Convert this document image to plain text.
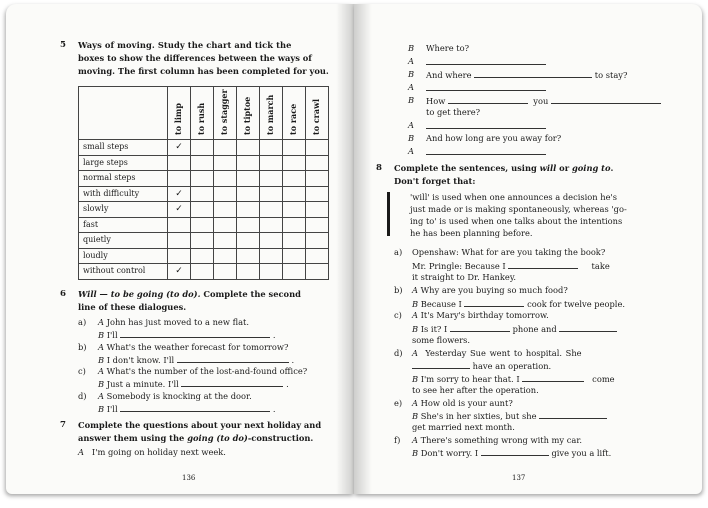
5 Ways of moving. Study the chart and tick the
boxes to show the differences between the ways of
moving. The first column has been completed for you.

	to limp	to rush	to stagger	to tiptoe	to march	to race	to crawl

small steps	✓						
large steps							
normal steps							
with difficulty	✓						
slowly	✓						
fast							
quietly							
loudly							
without control	✓						
6 Will — to be going (to do). Complete the second
line of these dialogues.
a) A John has just moved to a new flat.
B I'll	.
b) A What's the weather forecast for tomorrow?
B I don't know. I'll	.
c) A What's the number of the lost-and-found office?
B Just a minute. I'll	.
d) A Somebody is knocking at the door.
B I'll	.
7 Complete the questions about your next holiday and
answer them using the going (to do)-construction.
A I'm going on holiday next week.
136
B Where to?
A
B And where	to stay?
A
B How	you
to get there?
A
B And how long are you away for?
A
8 Complete the sentences, using will or going to.
Don't forget that:
'will' is used when one announces a decision he's
just made or is making spontaneously, whereas 'go-
ing to' is used when one talks about the intentions
he has been planning before.
a) Openshaw: What for are you taking the book?
Mr. Pringle: Because I	take
it straight to Dr. Hankey.
b) A Why are you buying so much food?
B Because I	cook for twelve people.
c) A It's Mary's birthday tomorrow.
B Is it? I	phone and
some flowers.
d) A Yesterday Sue went to hospital. She
have an operation.
B I'm sorry to hear that. I	come
to see her after the operation.
e) A How old is your aunt?
B She's in her sixties, but she
get married next month.
f) A There's something wrong with my car.
B Don't worry. I	give you a lift.
137
